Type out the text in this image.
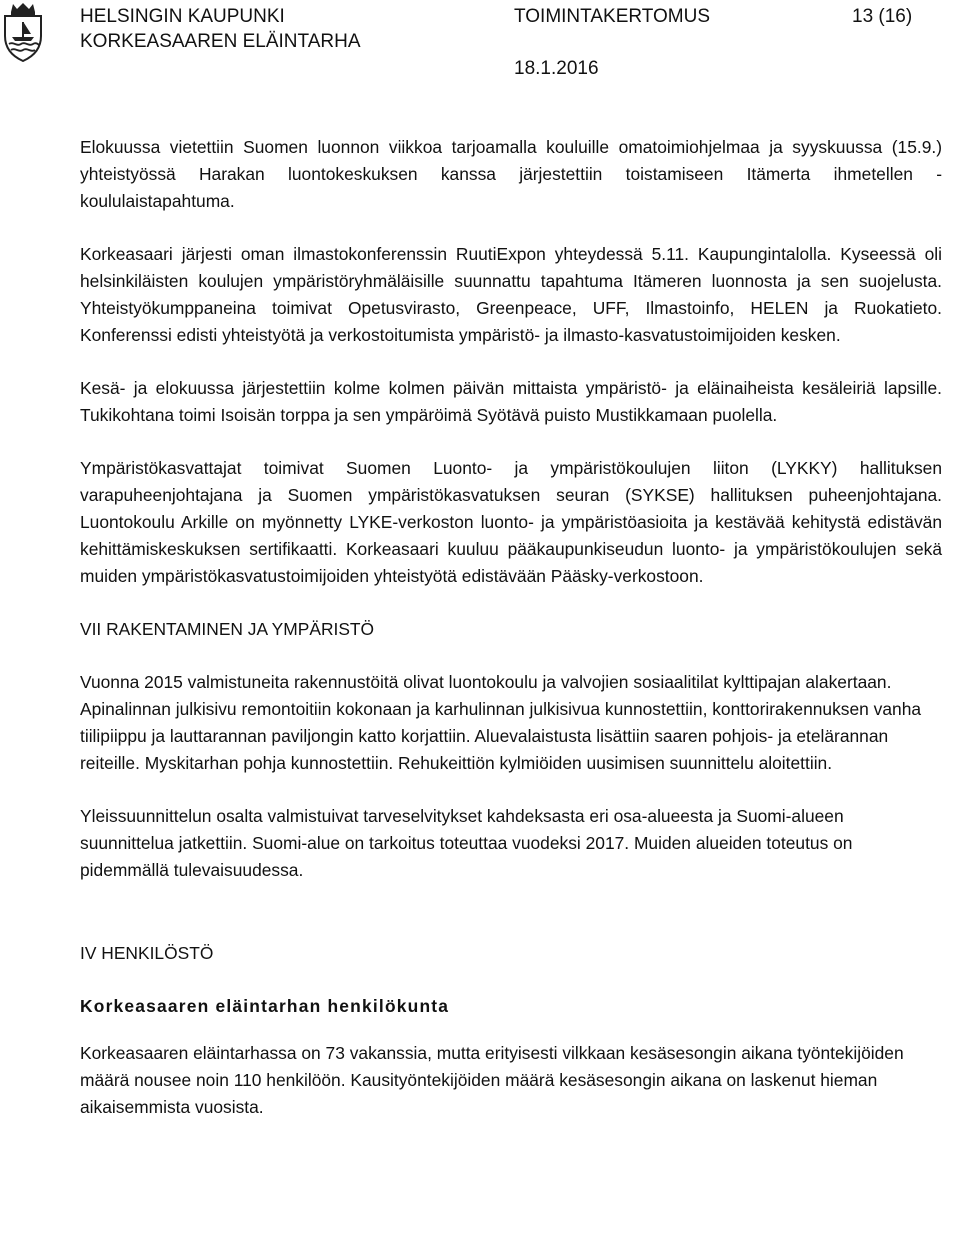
HELSINGIN KAUPUNKI	TOIMINTAKERTOMUS	13 (16)
KORKEASAAREN ELÄINTARHA
18.1.2016

Elokuussa vietettiin Suomen luonnon viikkoa tarjoamalla kouluille omatoimiohjelmaa ja syyskuussa (15.9.) yhteistyössä Harakan luontokeskuksen kanssa järjestettiin toistamiseen Itämerta ihmetellen -koululaistapahtuma.

Korkeasaari järjesti oman ilmastokonferenssin RuutiExpon yhteydessä 5.11. Kaupungintalolla. Kyseessä oli helsinkiläisten koulujen ympäristöryhmäläisille suunnattu tapahtuma Itämeren luonnosta ja sen suojelusta. Yhteistyökumppaneina toimivat Opetusvirasto, Greenpeace, UFF, Ilmastoinfo, HELEN ja Ruokatieto. Konferenssi edisti yhteistyötä ja verkostoitumista ympäristö- ja ilmasto-kasvatustoimijoiden kesken.

Kesä- ja elokuussa järjestettiin kolme kolmen päivän mittaista ympäristö- ja eläinaiheista kesäleiriä lapsille. Tukikohtana toimi Isoisän torppa ja sen ympäröimä Syötävä puisto Mustikkamaan puolella.

Ympäristökasvattajat toimivat Suomen Luonto- ja ympäristökoulujen liiton (LYKKY) hallituksen varapuheenjohtajana ja Suomen ympäristökasvatuksen seuran (SYKSE) hallituksen puheenjohtajana. Luontokoulu Arkille on myönnetty LYKE-verkoston luonto- ja ympäristöasioita ja kestävää kehitystä edistävän kehittämiskeskuksen sertifikaatti. Korkeasaari kuuluu pääkaupunkiseudun luonto- ja ympäristökoulujen sekä muiden ympäristökasvatustoimijoiden yhteistyötä edistävään Pääsky-verkostoon.

VII RAKENTAMINEN JA YMPÄRISTÖ

Vuonna 2015 valmistuneita rakennustöitä olivat luontokoulu ja valvojien sosiaalitilat kylttipajan alakertaan. Apinalinnan julkisivu remontoitiin kokonaan ja karhulinnan julkisivua kunnostettiin, konttorirakennuksen vanha tiilipiippu ja lauttarannan paviljongin katto korjattiin. Aluevalaistusta lisättiin saaren pohjois- ja etelärannan reiteille. Myskitarhan pohja kunnostettiin. Rehukeittiön kylmiöiden uusimisen suunnittelu aloitettiin.

Yleissuunnittelun osalta valmistuivat tarveselvitykset kahdeksasta eri osa-alueesta ja Suomi-alueen suunnittelua jatkettiin. Suomi-alue on tarkoitus toteuttaa vuodeksi 2017. Muiden alueiden toteutus on pidemmällä tulevaisuudessa.

IV HENKILÖSTÖ
Korkeasaaren eläintarhan henkilökunta

Korkeasaaren eläintarhassa on 73 vakanssia, mutta erityisesti vilkkaan kesäsesongin aikana työntekijöiden määrä nousee noin 110 henkilöön. Kausityöntekijöiden määrä kesäsesongin aikana on laskenut hieman aikaisemmista vuosista.
